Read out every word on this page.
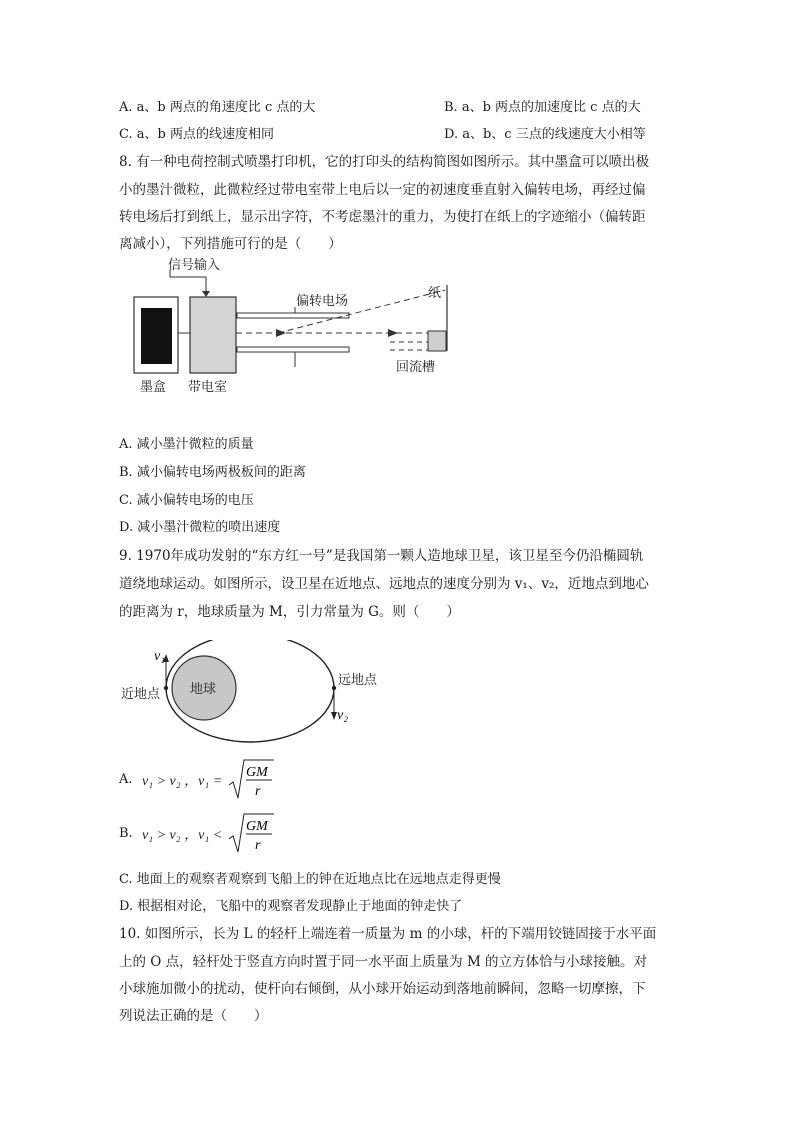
A. a、b 两点的角速度比 c 点的大	B. a、b 两点的加速度比 c 点的大
C. a、b 两点的线速度相同	D. a、b、c 三点的线速度大小相等
8. 有一种电荷控制式喷墨打印机，它的打印头的结构简图如图所示。其中墨盒可以喷出极
小的墨汁微粒，此微粒经过带电室带上电后以一定的初速度垂直射入偏转电场，再经过偏
转电场后打到纸上，显示出字符，不考虑墨汁的重力，为使打在纸上的字迹缩小（偏转距
离减小），下列措施可行的是（　　）
信号输入
偏转电场
回流槽
纸
墨盒 带电室
A. 减小墨汁微粒的质量
B. 减小偏转电场两极板间的距离
C. 减小偏转电场的电压
D. 减小墨汁微粒的喷出速度
9. 1970年成功发射的“东方红一号”是我国第一颗人造地球卫星，该卫星至今仍沿椭圆轨
道绕地球运动。如图所示，设卫星在近地点、远地点的速度分别为 v₁、v₂，近地点到地心
的距离为 r，地球质量为 M，引力常量为 G。则（　　）
地球
v₁
近地点
v₂
远地点
A. v₁ > v₂ ，v₁ =
GM
r
B. v₁ > v₂ ，v₁ <
GM
r
C. 地面上的观察者观察到飞船上的钟在近地点比在远地点走得更慢
D. 根据相对论，飞船中的观察者发现静止于地面的钟走快了
10. 如图所示，长为 L 的轻杆上端连着一质量为 m 的小球，杆的下端用铰链固接于水平面
上的 O 点，轻杆处于竖直方向时置于同一水平面上质量为 M 的立方体恰与小球接触。对
小球施加微小的扰动，使杆向右倾倒，从小球开始运动到落地前瞬间，忽略一切摩擦，下
列说法正确的是（　　）
